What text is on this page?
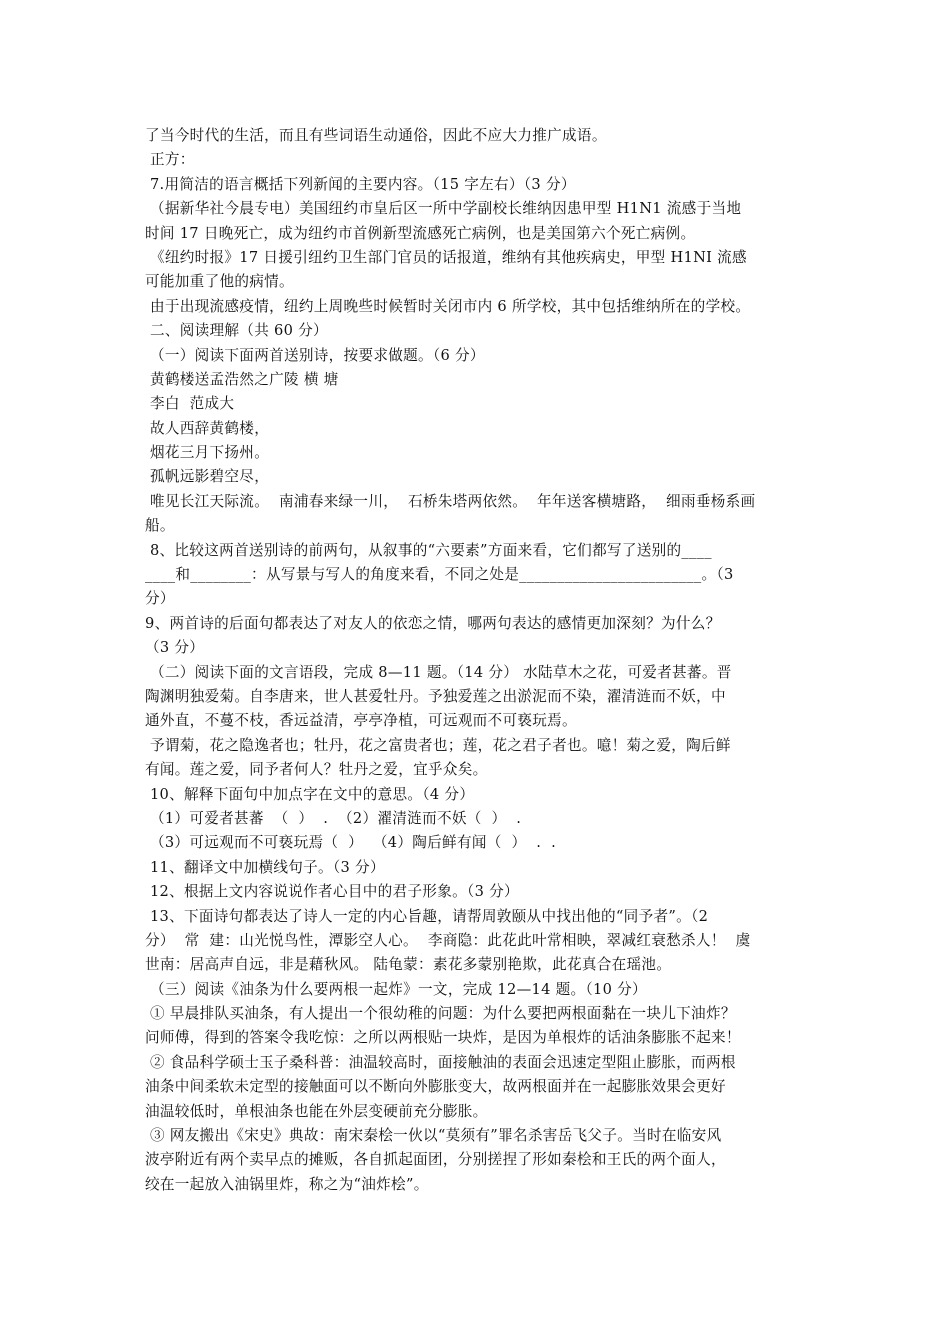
了当今时代的生活，而且有些词语生动通俗，因此不应大力推广成语。
正方：
7.用简洁的语言概括下列新闻的主要内容。（15 字左右）（3 分）
（据新华社今晨专电）美国纽约市皇后区一所中学副校长维纳因患甲型 H1N1 流感于当地
时间 17 日晚死亡，成为纽约市首例新型流感死亡病例，也是美国第六个死亡病例。
《纽约时报》17 日援引纽约卫生部门官员的话报道，维纳有其他疾病史，甲型 H1NI 流感
可能加重了他的病情。
由于出现流感疫情，纽约上周晚些时候暂时关闭市内 6 所学校，其中包括维纳所在的学校。
二、阅读理解（共 60 分）
（一）阅读下面两首送别诗，按要求做题。（6 分）
黄鹤楼送孟浩然之广陵 横 塘
李白  范成大
故人西辞黄鹤楼，
烟花三月下扬州。
孤帆远影碧空尽，
唯见长江天际流。  南浦春来绿一川，  石桥朱塔两依然。  年年送客横塘路，  细雨垂杨系画
船。
8、比较这两首送别诗的前两句，从叙事的“六要素”方面来看，它们都写了送别的____
____和________：从写景与写人的角度来看，不同之处是________________________。（3
分）
9、两首诗的后面句都表达了对友人的依恋之情，哪两句表达的感情更加深刻？为什么？
（3 分）
（二）阅读下面的文言语段，完成 8—11 题。（14 分） 水陆草木之花，可爱者甚蕃。晋
陶渊明独爱菊。自李唐来，世人甚爱牡丹。予独爱莲之出淤泥而不染，濯清涟而不妖，中
通外直，不蔓不枝，香远益清，亭亭净植，可远观而不可亵玩焉。
予谓菊，花之隐逸者也；牡丹，花之富贵者也；莲，花之君子者也。噫！菊之爱，陶后鲜
有闻。莲之爱，同予者何人？牡丹之爱，宜乎众矣。
10、解释下面句中加点字在文中的意思。（4 分）
（1）可爱者甚蕃  （  ）  .  （2）濯清涟而不妖（  ）  .
（3）可远观而不可亵玩焉（  ）  （4）陶后鲜有闻（  ）  .  .
11、翻译文中加横线句子。（3 分）
12、根据上文内容说说作者心目中的君子形象。（3 分）
13、下面诗句都表达了诗人一定的内心旨趣，请帮周敦颐从中找出他的“同予者”。（2
分）  常  建：山光悦鸟性，潭影空人心。  李商隐：此花此叶常相映，翠减红衰愁杀人！  虞
世南：居高声自远，非是藉秋风。 陆龟蒙：素花多蒙别艳欺，此花真合在瑶池。
（三）阅读《油条为什么要两根一起炸》一文，完成 12—14 题。（10 分）
① 早晨排队买油条，有人提出一个很幼稚的问题：为什么要把两根面黏在一块儿下油炸？
问师傅，得到的答案令我吃惊：之所以两根贴一块炸，是因为单根炸的话油条膨胀不起来！
② 食品科学硕士玉子桑科普：油温较高时，面接触油的表面会迅速定型阻止膨胀，而两根
油条中间柔软未定型的接触面可以不断向外膨胀变大，故两根面并在一起膨胀效果会更好
油温较低时，单根油条也能在外层变硬前充分膨胀。
③ 网友搬出《宋史》典故：南宋秦桧一伙以“莫须有”罪名杀害岳飞父子。当时在临安风
波亭附近有两个卖早点的摊贩，各自抓起面团，分别搓捏了形如秦桧和王氏的两个面人，
绞在一起放入油锅里炸，称之为“油炸桧”。
